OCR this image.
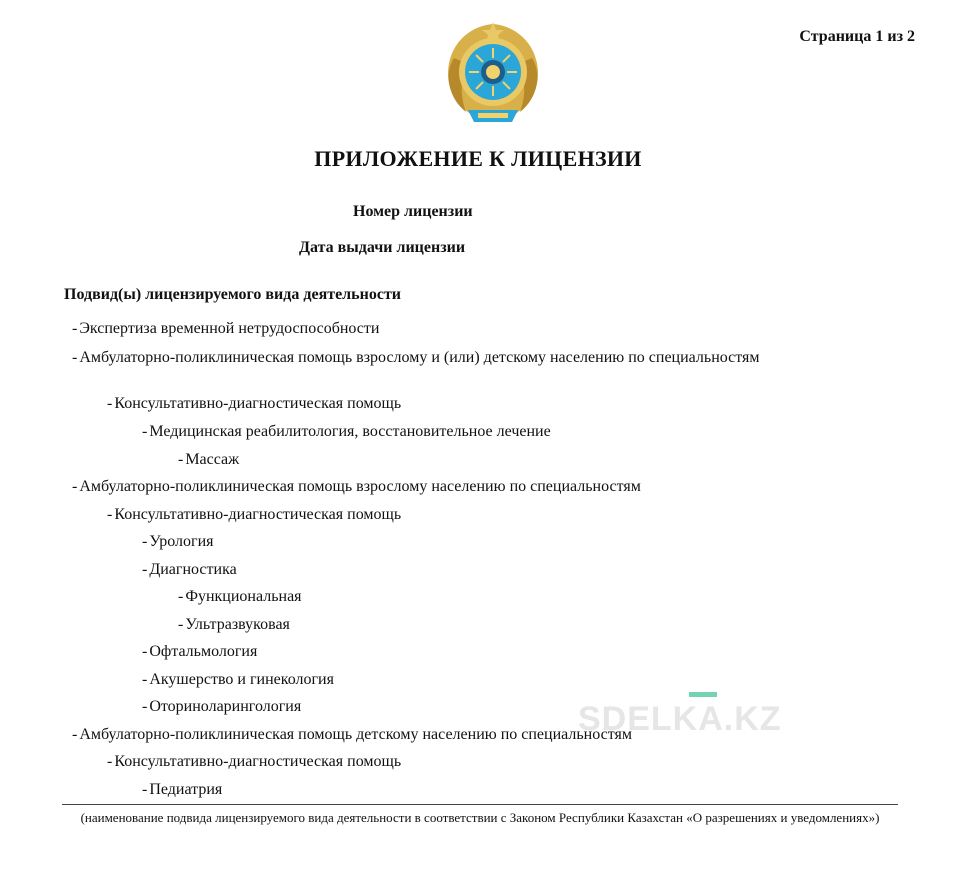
Страница 1 из 2
ПРИЛОЖЕНИЕ К ЛИЦЕНЗИИ
Номер лицензии
Дата выдачи лицензии
Подвид(ы) лицензируемого вида деятельности
- Экспертиза временной нетрудоспособности
- Амбулаторно-поликлиническая помощь взрослому и (или) детскому населению по специальностям
- Консультативно-диагностическая помощь
- Медицинская реабилитология, восстановительное лечение
- Массаж
- Амбулаторно-поликлиническая помощь взрослому населению по специальностям
- Консультативно-диагностическая помощь
- Урология
- Диагностика
- Функциональная
- Ультразвуковая
- Офтальмология
- Акушерство и гинекология
- Оториноларингология
- Амбулаторно-поликлиническая помощь детскому населению по специальностям
- Консультативно-диагностическая помощь
- Педиатрия
SDELKA.KZ
(наименование подвида лицензируемого вида деятельности в соответствии с Законом Республики Казахстан «О разрешениях и уведомлениях»)
